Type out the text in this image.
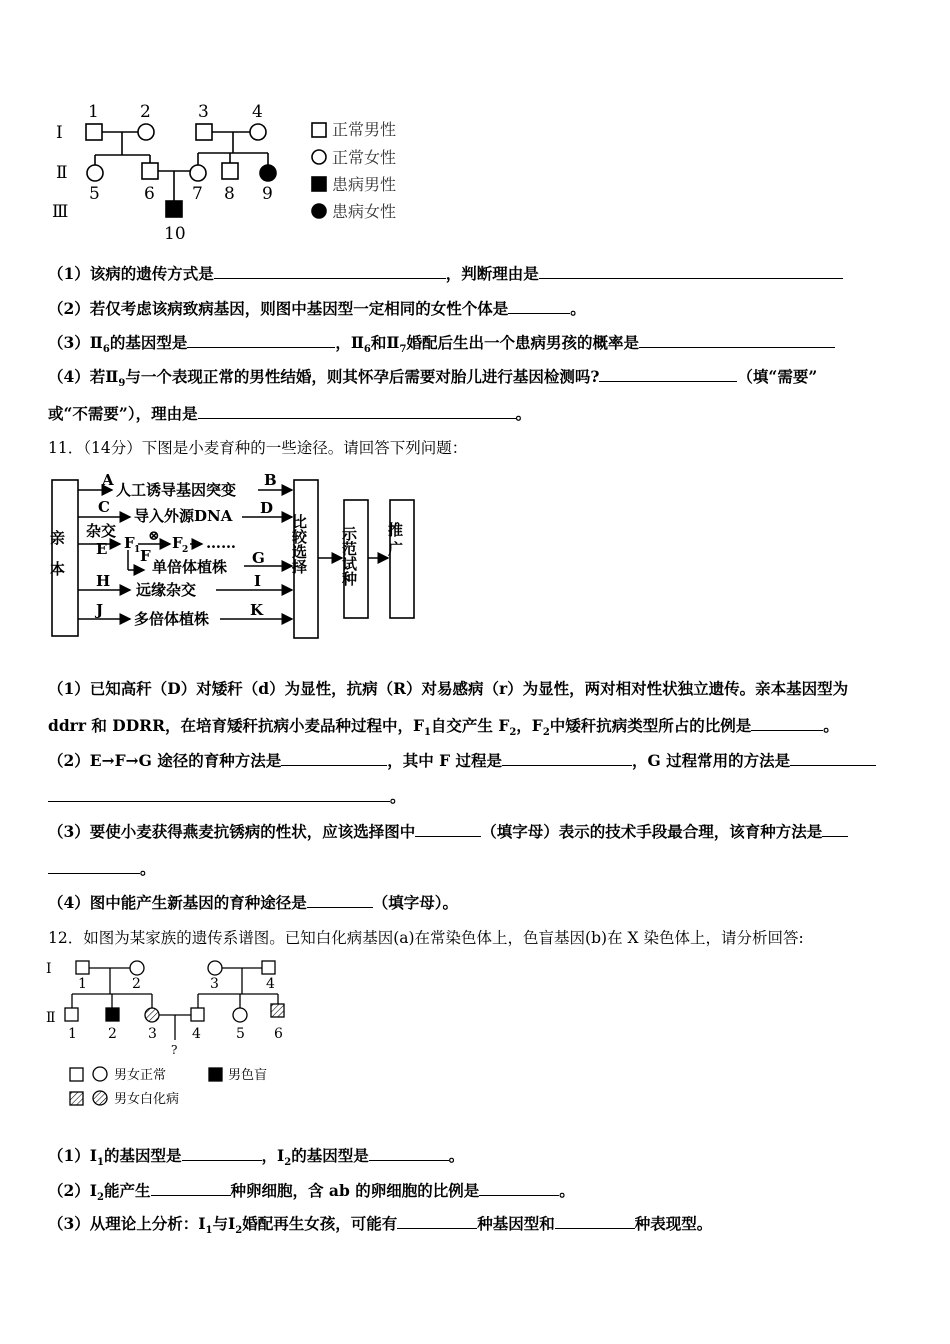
Ⅰ
Ⅱ
Ⅲ
1 2	3	4
5	6 7 8 9
10
正常男性
正常女性
患病男性
患病女性
（1）该病的遗传方式是	，判断理由是
（2）若仅考虑该病致病基因，则图中基因型一定相同的女性个体是	。
$(3)Ⅱ_6$的基因型是	，$Ⅱ_6$和$Ⅱ_7$婚配后生出一个患病男孩的概率是
（4）若$Ⅱ_9$与一个表现正常的男性结婚，则其怀孕后需要对胎儿进行基因检测吗?	（填“需要”
或“不需要”），理由是	。
11．（14分）下图是小麦育种的一些途径。请回答下列问题：
亲本	比较选择 示范试种 推广
人工诱导基因突变
导入外源DNA
杂交
单倍体植株
远缘杂交
多倍体植株
A	B
C	D
E F	G
H	I
J	K
⊗
F 1 F 2 ……
（1）已知高秆（D）对矮秆（d）为显性，抗病（R）对易感病（r）为显性，两对相对性状独立遗传。亲本基因型为
ddrr 和 DDRR，在培育矮秆抗病小麦品种过程中，$F_1$自交产生 $F_2$，$F_2$中矮秆抗病类型所占的比例是	。
（2）E→F→G 途径的育种方法是	，其中 F 过程是	，G 过程常用的方法是
。
（3）要使小麦获得燕麦抗锈病的性状，应该选择图中	（填字母）表示的技术手段最合理，该育种方法是
。
（4）图中能产生新基因的育种途径是	（填字母）。
12．如图为某家族的遗传系谱图。已知白化病基因(a)在常染色体上，色盲基因(b)在 X 染色体上，请分析回答:
Ⅰ
Ⅱ
1	2	3	4
1 2 3	4	5 6
?
男女正常	男色盲
男女白化病
$(1)Ⅰ_1$的基因型是	，$Ⅰ_2$的基因型是	。
$(2)Ⅰ_2$能产生	种卵细胞，含 ab 的卵细胞的比例是	。
（3）从理论上分析：$Ⅰ_1$与$Ⅰ_2$婚配再生女孩，可能有	种基因型和	种表现型。
